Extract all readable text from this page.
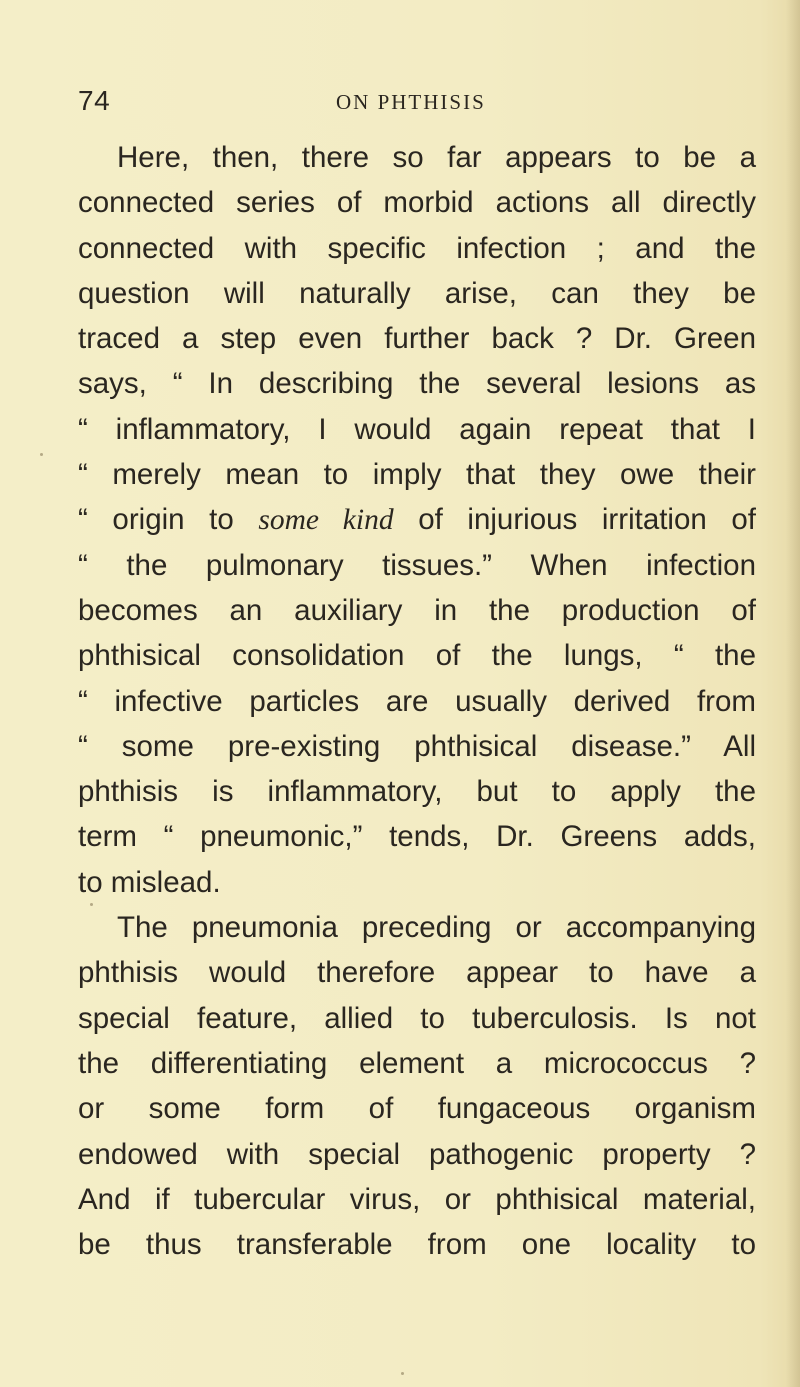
74	ON PHTHISIS
Here, then, there so far appears to be a
connected series of morbid actions all directly
connected with specific infection ; and the
question will naturally arise, can they be
traced a step even further back ? Dr. Green
says, “ In describing the several lesions as
“ inflammatory, I would again repeat that I
“ merely mean to imply that they owe their
“ origin to some kind of injurious irritation of
“ the pulmonary tissues.” When infection
becomes an auxiliary in the production of
phthisical consolidation of the lungs, “ the
“ infective particles are usually derived from
“ some pre-existing phthisical disease.” All
phthisis is inflammatory, but to apply the
term “ pneumonic,” tends, Dr. Greens adds,
to mislead.
The pneumonia preceding or accompanying
phthisis would therefore appear to have a
special feature, allied to tuberculosis. Is not
the differentiating element a micrococcus ?
or some form of fungaceous organism
endowed with special pathogenic property ?
And if tubercular virus, or phthisical material,
be thus transferable from one locality to
